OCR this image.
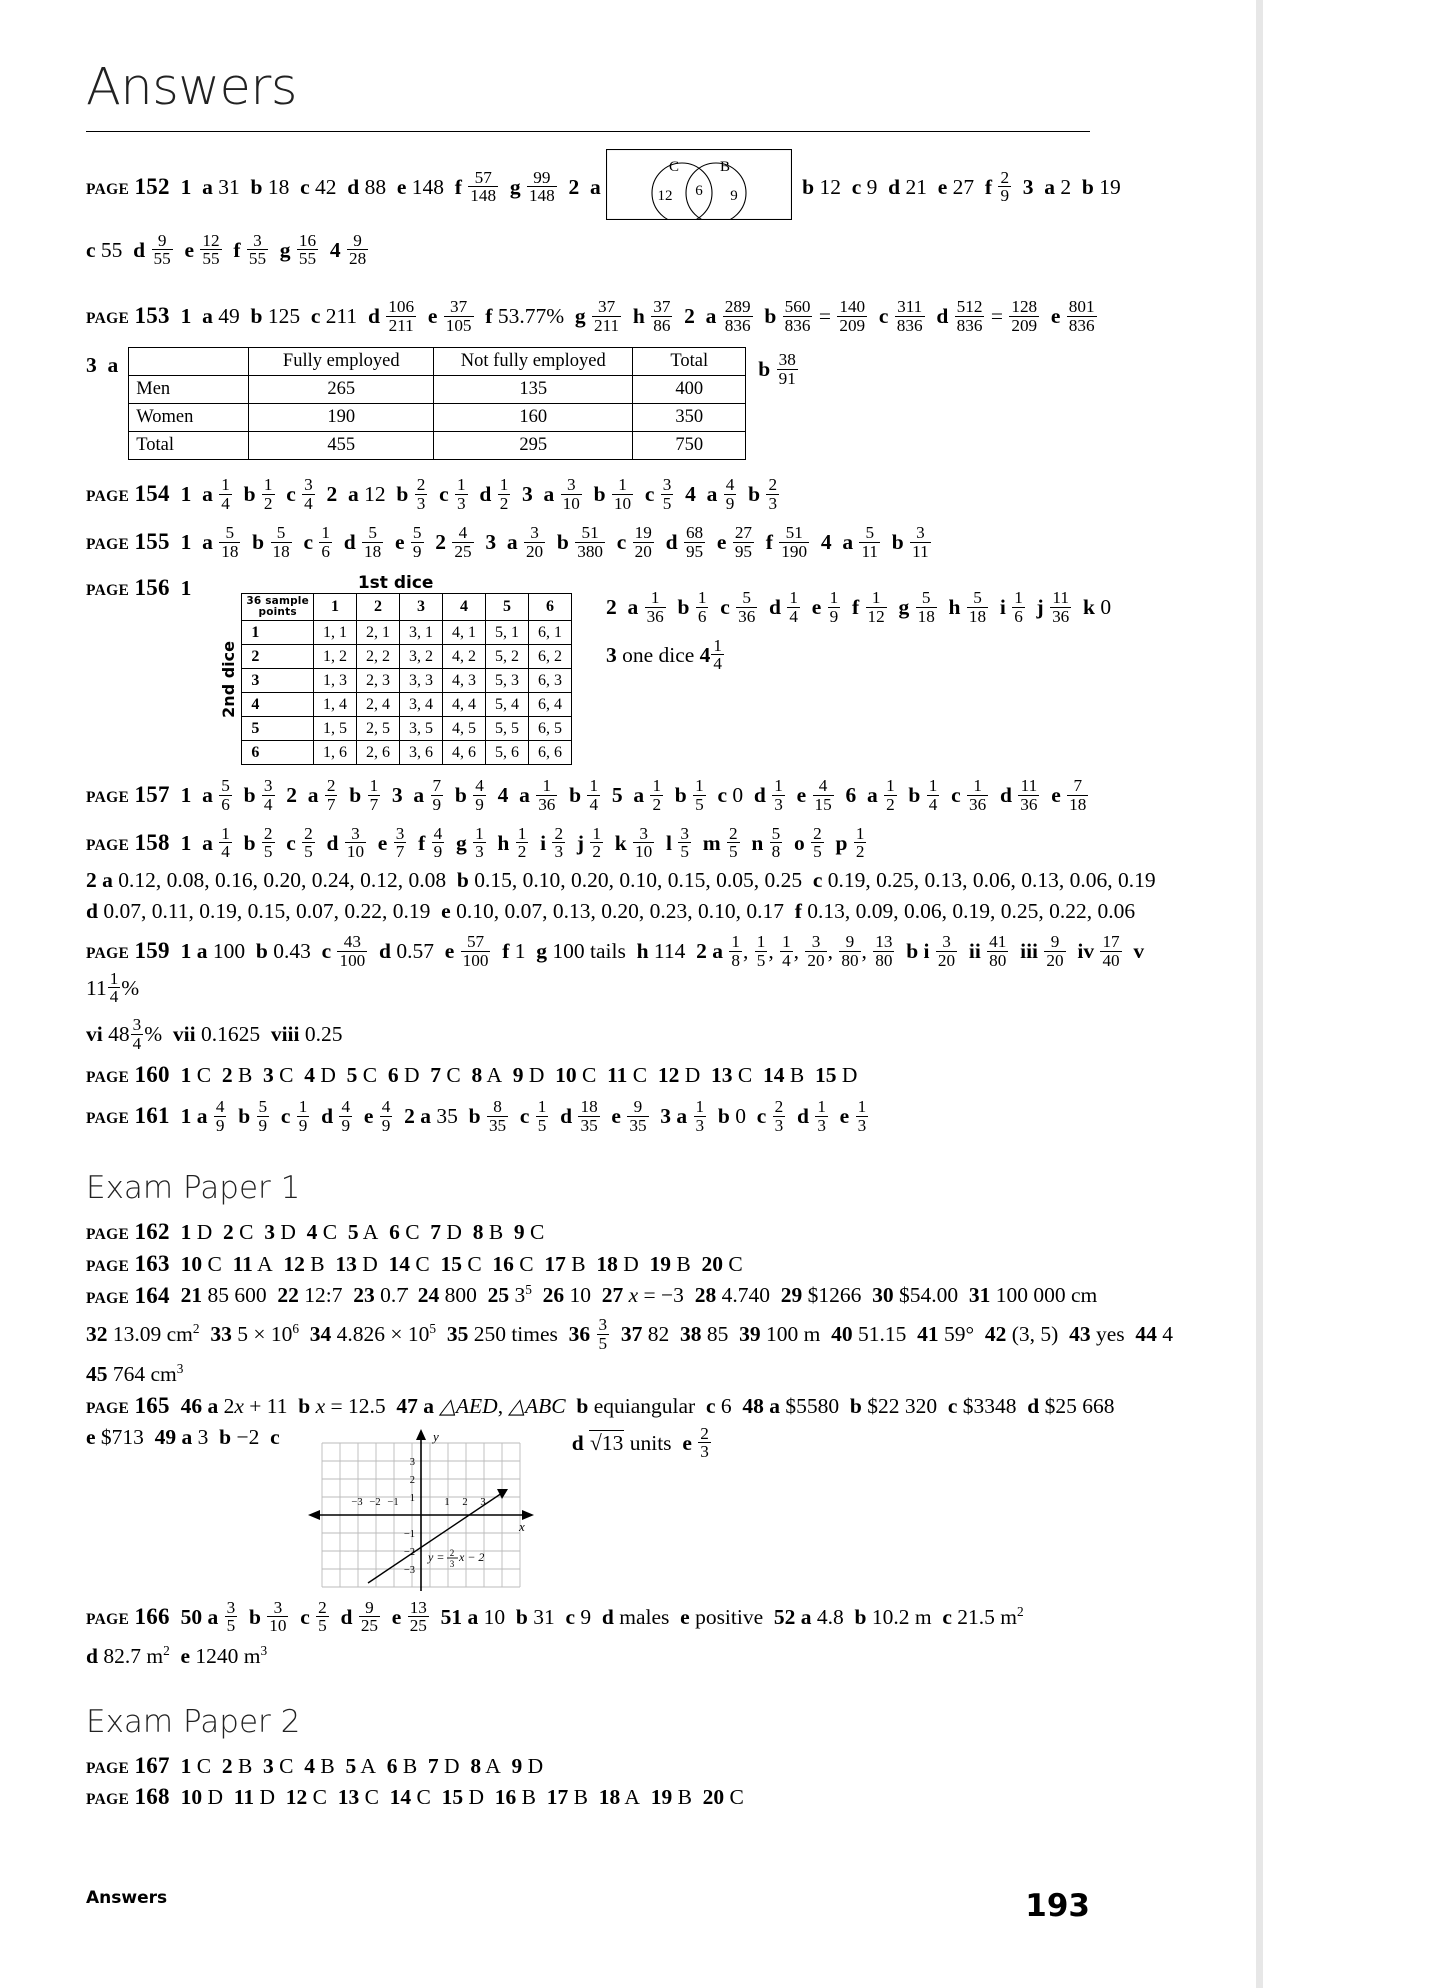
Answers
PAGE 152 1 a 31  b 18  c 42  d 88  e 148  f $\frac{57}{148}$ g $\frac{99}{148} 2$ a	
C	B
12 6 9	b 12  c 9  d 21  e 27  f $\frac{2}{9} 3$ a 2  b 19
c 55  d $\frac{9}{55}$ e $\frac{12}{55}$ f $\frac{3}{55}$ g $\frac{16}{55} 4 \frac{9}{28}$
PAGE 153 1 a 49  b 125  c 211  d $\frac{106}{211}$ e $\frac{37}{105}$ f 53.77%  g $\frac{37}{211}$ h $\frac{37}{86} 2$ a $\frac{289}{836}$ b $\frac{560}{836} = \frac{140}{209}$ c $\frac{311}{836}$ d $\frac{512}{836} = \frac{128}{209}$ e $\frac{801}{836}$
3 a	
		Fully employed	Not fully employed	Total
Men	265	135	400
Women	190	160	350
Total	455	295	750
	b $\frac{38}{91}$
PAGE 154 1 a $\frac{1}{4}$ b $\frac{1}{2}$ c $\frac{3}{4} 2$ a 12  b $\frac{2}{3}$ c $\frac{1}{3}$ d $\frac{1}{2} 3$ a $\frac{3}{10}$ b $\frac{1}{10}$ c $\frac{3}{5} 4$ a $\frac{4}{9}$ b $\frac{2}{3}$
PAGE 155 1 a $\frac{5}{18}$ b $\frac{5}{18}$ c $\frac{1}{6}$ d $\frac{5}{18}$ e $\frac{5}{9} 2 \frac{4}{25} 3$ a $\frac{3}{20}$ b $\frac{51}{380}$ c $\frac{19}{20}$ d $\frac{68}{95}$ e $\frac{27}{95}$ f $\frac{51}{190} 4$ a $\frac{5}{11}$ b $\frac{3}{11}$
PAGE 156 1	1st dice
2nd dice

36 sample
points	1	2	3	4	5	6
1	1, 1	2, 1	3, 1	4, 1	5, 1	6, 1
2	1, 2	2, 2	3, 2	4, 2	5, 2	6, 2
3	1, 3	2, 3	3, 3	4, 3	5, 3	6, 3
4	1, 4	2, 4	3, 4	4, 4	5, 4	6, 4
5	1, 5	2, 5	3, 5	4, 5	5, 5	6, 5
6	1, 6	2, 6	3, 6	4, 6	5, 6	6, 6

2 a $\frac{1}{36}$ b $\frac{1}{6}$ c $\frac{5}{36}$ d $\frac{1}{4}$ e $\frac{1}{9}$ f $\frac{1}{12}$ g $\frac{5}{18}$ h $\frac{5}{18}$ i $\frac{1}{6}$ j $\frac{11}{36}$ k 0
3 one dice $4 \frac{1}{4}$
PAGE 157 1 a $\frac{5}{6}$ b $\frac{3}{4} 2$ a $\frac{2}{7}$ b $\frac{1}{7} 3$ a $\frac{7}{9}$ b $\frac{4}{9} 4$ a $\frac{1}{36}$ b $\frac{1}{4} 5$ a $\frac{1}{2}$ b $\frac{1}{5}$ c 0  d $\frac{1}{3}$ e $\frac{4}{15} 6$ a $\frac{1}{2}$ b $\frac{1}{4}$ c $\frac{1}{36}$ d $\frac{11}{36}$ e $\frac{7}{18}$
PAGE 158 1 a $\frac{1}{4}$ b $\frac{2}{5}$ c $\frac{2}{5}$ d $\frac{3}{10}$ e $\frac{3}{7}$ f $\frac{4}{9}$ g $\frac{1}{3}$ h $\frac{1}{2}$ i $\frac{2}{3}$ j $\frac{1}{2}$ k $\frac{3}{10}$ l $\frac{3}{5}$ m $\frac{2}{5}$ n $\frac{5}{8}$ o $\frac{2}{5}$ p $\frac{1}{2}$
2 a 0.12, 0.08, 0.16, 0.20, 0.24, 0.12, 0.08  b 0.15, 0.10, 0.20, 0.10, 0.15, 0.05, 0.25  c 0.19, 0.25, 0.13, 0.06, 0.13, 0.06, 0.19
d 0.07, 0.11, 0.19, 0.15, 0.07, 0.22, 0.19  e 0.10, 0.07, 0.13, 0.20, 0.23, 0.10, 0.17  f 0.13, 0.09, 0.06, 0.19, 0.25, 0.22, 0.06
PAGE 159 1 a 100  b 0.43  c $\frac{43}{100}$ d 0.57  e $\frac{57}{100}$ f 1  g 100 tails  h 114  2 a $\frac{1}{8}$ , $\frac{1}{5}$ , $\frac{1}{4}$ , $\frac{3}{20}$ , $\frac{9}{80}$ , $\frac{13}{80}$ b i $\frac{3}{20}$ ii $\frac{41}{80}$ iii $\frac{9}{20}$ iv $\frac{17}{40}$ v $11 \frac{1}{4}$ %
vi $48 \frac{3}{4}$ % vii 0.1625  viii 0.25
PAGE 160 1 C  2 B  3 C  4 D  5 C  6 D  7 C  8 A  9 D  10 C  11 C  12 D  13 C  14 B  15 D
PAGE 161 1 a $\frac{4}{9}$ b $\frac{5}{9}$ c $\frac{1}{9}$ d $\frac{4}{9}$ e $\frac{4}{9} 2$ a 35  b $\frac{8}{35}$ c $\frac{1}{5}$ d $\frac{18}{35}$ e $\frac{9}{35} 3$ a $\frac{1}{3}$ b 0  c $\frac{2}{3}$ d $\frac{1}{3}$ e $\frac{1}{3}$
Exam Paper 1
PAGE 162 1 D  2 C  3 D  4 C  5 A  6 C  7 D  8 B  9 C
PAGE 163 10 C  11 A  12 B  13 D  14 C  15 C  16 C  17 B  18 D  19 B  20 C
PAGE 164 21 85 600  22 12:7  23 0.7̇  24 800  25 $3^5$ 26 10  27 x = −3  28 4.740  29 $1266  30 $54.00  31 100 000 cm
32 13.09 $cm^2$ 33 $5 \times 10^6$ 34 $4.826 \times 10^5$ 35 250 times  $36 \frac{3}{5} 37$ 82  38 85  39 100 m  40 51.15  41 59°  42 (3, 5)  43 yes  44 4
45 764 $cm^3$
PAGE 165 46 a 2x + 11  b x = 12.5  47 a △AED, △ABC b equiangular  c 6  48 a $5580  b $22 320  c $3348  d $25 668
e $713  49 a 3  b −2  c	y
x
−3 −2 −1	1 2 3
3
2
1
−1
−2
−3
y = 2
3 x − 2
	d √13 units  e $\frac{2}{3}$
PAGE 166 50 a $\frac{3}{5}$ b $\frac{3}{10}$ c $\frac{2}{5}$ d $\frac{9}{25}$ e $\frac{13}{25} 51$ a 10  b 31  c 9  d males  e positive  52 a 4.8  b 10.2 m  c 21.5 $m^2$
d 82.7 $m^2$ e 1240 $m^3$
Exam Paper 2
PAGE 167 1 C  2 B  3 C  4 B  5 A  6 B  7 D  8 A  9 D
PAGE 168 10 D  11 D  12 C  13 C  14 C  15 D  16 B  17 B  18 A  19 B  20 C
Answers	193
